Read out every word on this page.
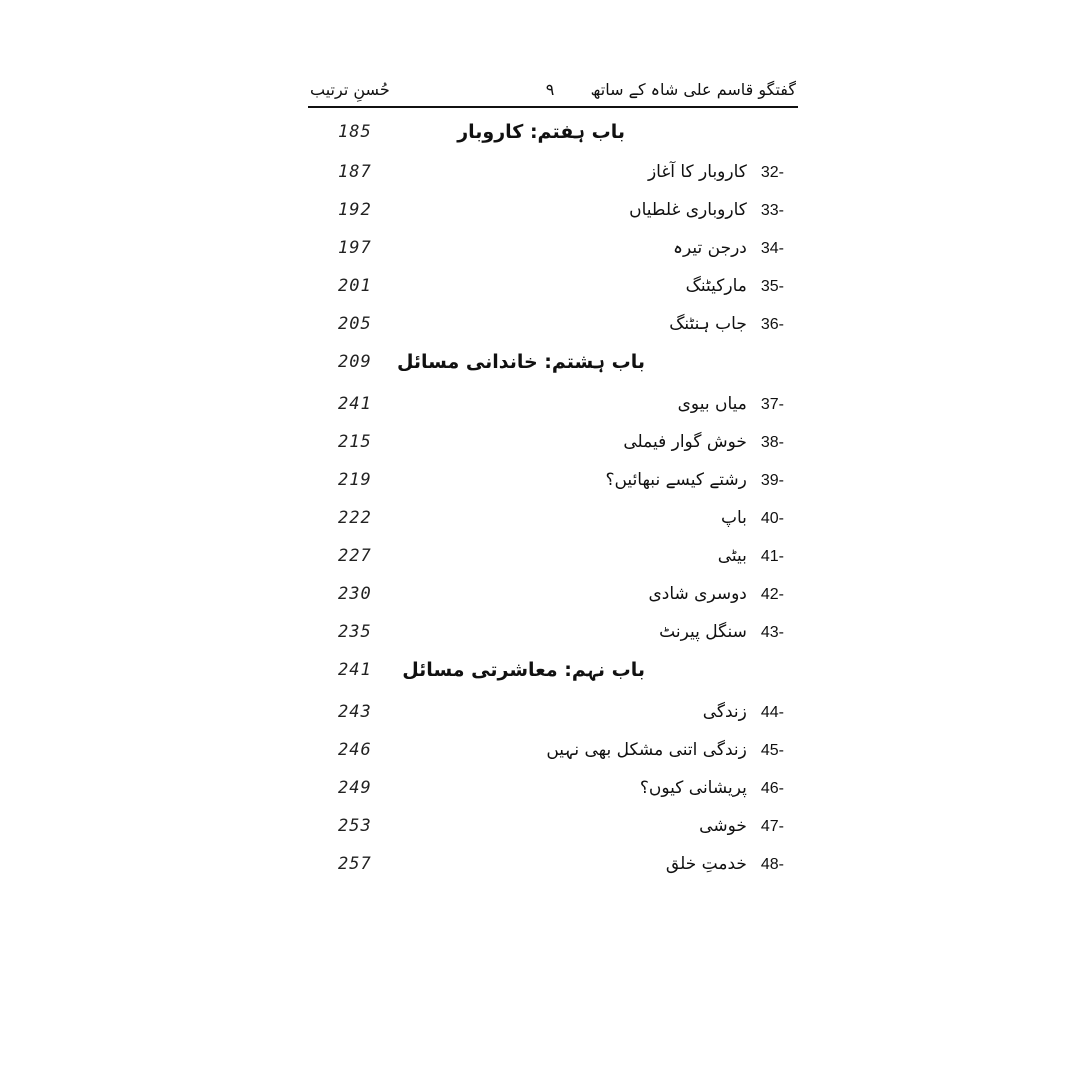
حُسنِ ترتیب	٩ گفتگو قاسم علی شاہ کے ساتھ
185	باب ہفتم: کاروبار
187	32-کاروبار کا آغاز
192	33-کاروباری غلطیاں
197	34-درجن تیرہ
201	35-مارکیٹنگ
205	36-جاب ہنٹنگ
209	باب ہشتم: خاندانی مسائل
241	37-میاں بیوی
215	38-خوش گوار فیملی
219	39-رشتے کیسے نبھائیں؟
222	40-باپ
227	41-بیٹی
230	42-دوسری شادی
235	43-سنگل پیرنٹ
241	باب نہم: معاشرتی مسائل
243	44-زندگی
246	45-زندگی اتنی مشکل بھی نہیں
249	46-پریشانی کیوں؟
253	47-خوشی
257	48-خدمتِ خلق
